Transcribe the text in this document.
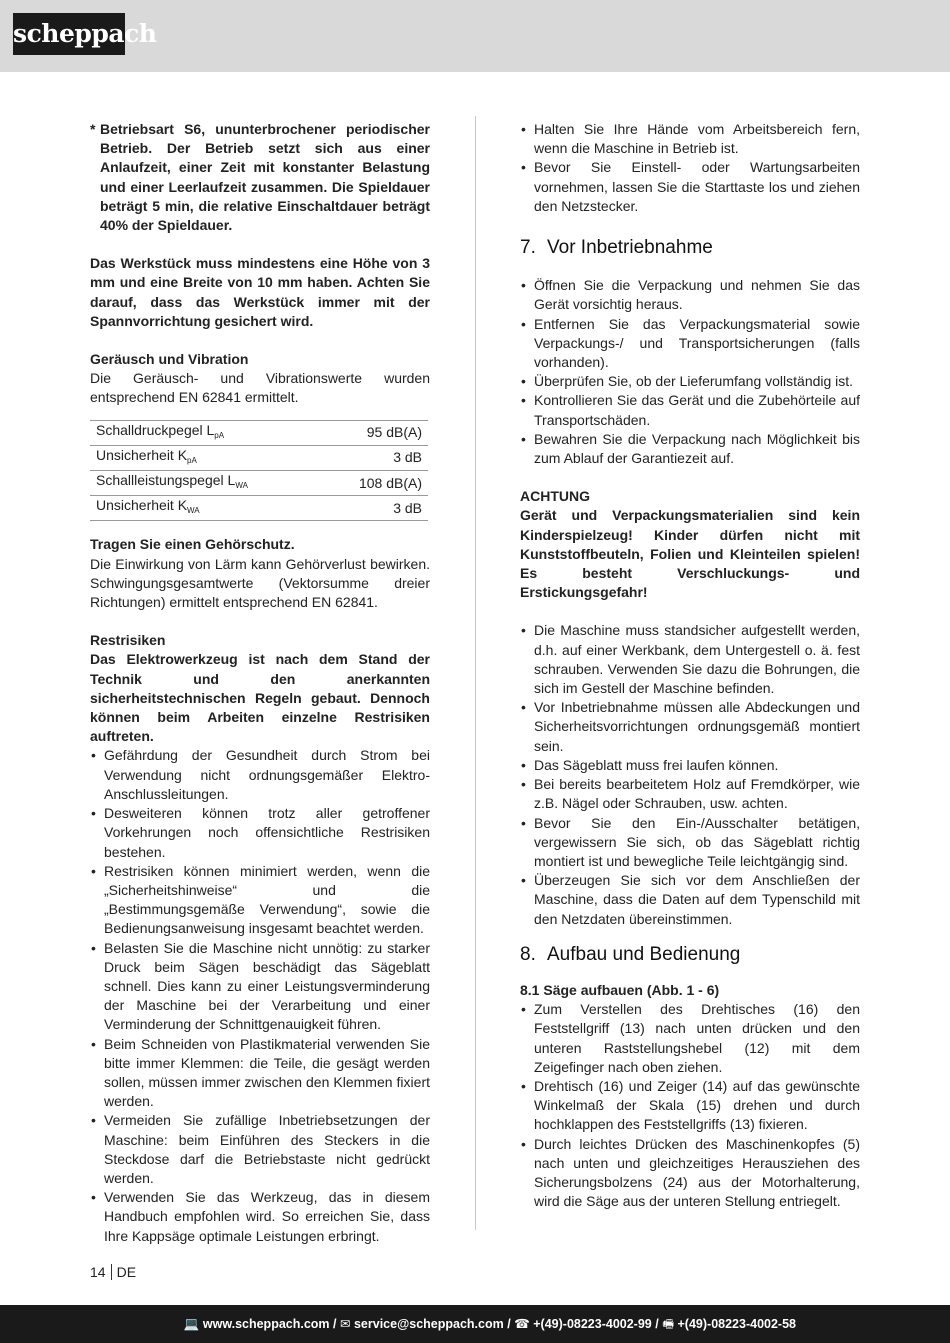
scheppach

* Betriebsart S6, ununterbrochener periodischer Betrieb. Der Betrieb setzt sich aus einer Anlaufzeit, einer Zeit mit konstanter Belastung und einer Leerlaufzeit zusammen. Die Spieldauer beträgt 5 min, die relative Einschaltdauer beträgt 40% der Spieldauer.

Das Werkstück muss mindestens eine Höhe von 3 mm und eine Breite von 10 mm haben. Achten Sie darauf, dass das Werkstück immer mit der Spannvorrichtung gesichert wird.

Geräusch und Vibration

Die Geräusch- und Vibrationswerte wurden entsprechend EN 62841 ermittelt.

Schalldruckpegel $L_{pA}$	95 dB(A)
Unsicherheit $K_{pA}$	3 dB
Schallleistungspegel $L_{WA}$	108 dB(A)
Unsicherheit $K_{WA}$	3 dB

Tragen Sie einen Gehörschutz.

Die Einwirkung von Lärm kann Gehörverlust bewirken. Schwingungsgesamtwerte (Vektorsumme dreier Richtungen) ermittelt entsprechend EN 62841.

Restrisiken

Das Elektrowerkzeug ist nach dem Stand der Technik und den anerkannten sicherheitstechnischen Regeln gebaut. Dennoch können beim Arbeiten einzelne Restrisiken auftreten.

• Gefährdung der Gesundheit durch Strom bei Verwendung nicht ordnungsgemäßer Elektro-Anschlussleitungen.
• Desweiteren können trotz aller getroffener Vorkehrungen noch offensichtliche Restrisiken bestehen.
• Restrisiken können minimiert werden, wenn die „Sicherheitshinweise“ und die „Bestimmungsgemäße Verwendung“, sowie die Bedienungsanweisung insgesamt beachtet werden.
• Belasten Sie die Maschine nicht unnötig: zu starker Druck beim Sägen beschädigt das Sägeblatt schnell. Dies kann zu einer Leistungsverminderung der Maschine bei der Verarbeitung und einer Verminderung der Schnittgenauigkeit führen.
• Beim Schneiden von Plastikmaterial verwenden Sie bitte immer Klemmen: die Teile, die gesägt werden sollen, müssen immer zwischen den Klemmen fixiert werden.
• Vermeiden Sie zufällige Inbetriebsetzungen der Maschine: beim Einführen des Steckers in die Steckdose darf die Betriebstaste nicht gedrückt werden.
• Verwenden Sie das Werkzeug, das in diesem Handbuch empfohlen wird. So erreichen Sie, dass Ihre Kappsäge optimale Leistungen erbringt.
• Halten Sie Ihre Hände vom Arbeitsbereich fern, wenn die Maschine in Betrieb ist.
• Bevor Sie Einstell- oder Wartungsarbeiten vornehmen, lassen Sie die Starttaste los und ziehen den Netzstecker.
7. Vor Inbetriebnahme
• Öffnen Sie die Verpackung und nehmen Sie das Gerät vorsichtig heraus.
• Entfernen Sie das Verpackungsmaterial sowie Verpackungs-/ und Transportsicherungen (falls vorhanden).
• Überprüfen Sie, ob der Lieferumfang vollständig ist.
• Kontrollieren Sie das Gerät und die Zubehörteile auf Transportschäden.
• Bewahren Sie die Verpackung nach Möglichkeit bis zum Ablauf der Garantiezeit auf.

ACHTUNG

Gerät und Verpackungsmaterialien sind kein Kinderspielzeug! Kinder dürfen nicht mit Kunststoffbeuteln, Folien und Kleinteilen spielen! Es besteht Verschluckungs- und Erstickungsgefahr!

• Die Maschine muss standsicher aufgestellt werden, d.h. auf einer Werkbank, dem Untergestell o. ä. fest schrauben. Verwenden Sie dazu die Bohrungen, die sich im Gestell der Maschine befinden.
• Vor Inbetriebnahme müssen alle Abdeckungen und Sicherheitsvorrichtungen ordnungsgemäß montiert sein.
• Das Sägeblatt muss frei laufen können.
• Bei bereits bearbeitetem Holz auf Fremdkörper, wie z.B. Nägel oder Schrauben, usw. achten.
• Bevor Sie den Ein-/Ausschalter betätigen, vergewissern Sie sich, ob das Sägeblatt richtig montiert ist und bewegliche Teile leichtgängig sind.
• Überzeugen Sie sich vor dem Anschließen der Maschine, dass die Daten auf dem Typenschild mit den Netzdaten übereinstimmen.
8. Aufbau und Bedienung

8.1 Säge aufbauen (Abb. 1 - 6)

• Zum Verstellen des Drehtisches (16) den Feststellgriff (13) nach unten drücken und den unteren Raststellungshebel (12) mit dem Zeigefinger nach oben ziehen.
• Drehtisch (16) und Zeiger (14) auf das gewünschte Winkelmaß der Skala (15) drehen und durch hochklappen des Feststellgriffs (13) fixieren.
• Durch leichtes Drücken des Maschinenkopfes (5) nach unten und gleichzeitiges Herausziehen des Sicherungsbolzens (24) aus der Motorhalterung, wird die Säge aus der unteren Stellung entriegelt.
14 DE
💻 www.scheppach.com / ✉ service@scheppach.com / ☎ +(49)-08223-4002-99 / 🖷 +(49)-08223-4002-58
